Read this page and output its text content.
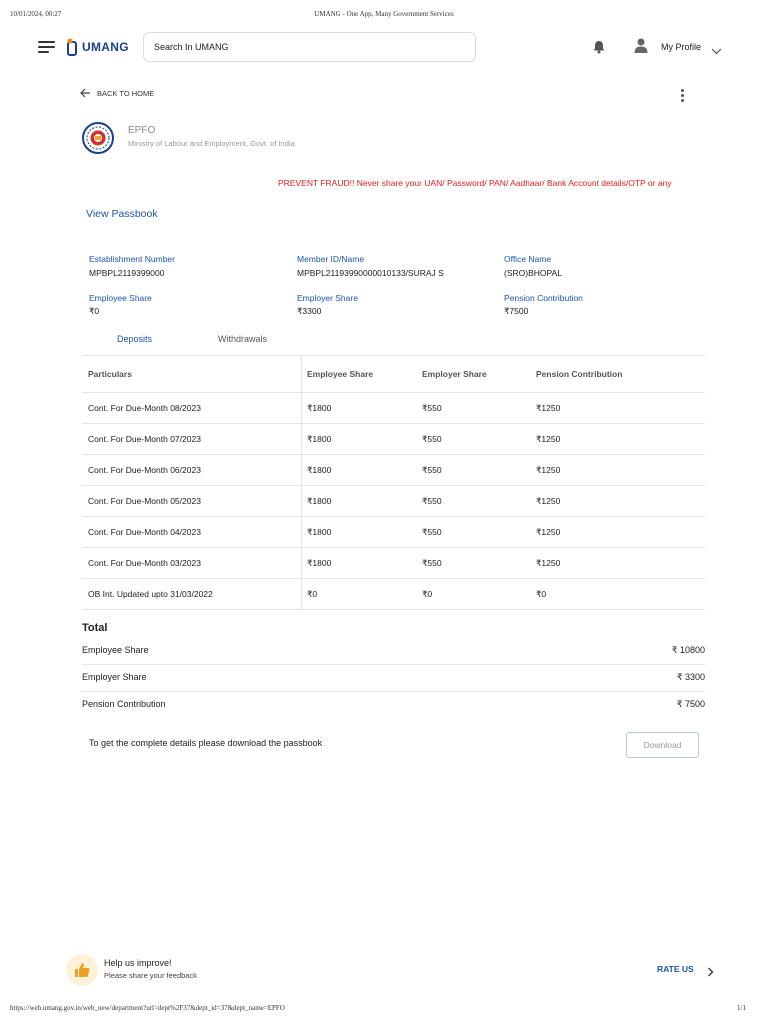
UMANG - One App, Many Government Services
10/01/2024, 00:27
UMANG	Search In UMANG	My Profile
BACK TO HOME
EPFO
Ministry of Labour and Employment, Govt. of India
PREVENT FRAUD!! Never share your UAN/ Password/ PAN/ Aadhaar/ Bank Account details/OTP or any
View Passbook
Establishment Number
MPBPL2119399000
Member ID/Name
MPBPL21193990000010133/SURAJ S
Office Name
(SRO)BHOPAL
Employee Share
₹0
Employer Share
₹3300
Pension Contribution
₹7500
Deposits	Withdrawals
Particulars	Employee Share	Employer Share	Pension Contribution
Cont. For Due-Month 08/2023	₹1800	₹550	₹1250
Cont. For Due-Month 07/2023	₹1800	₹550	₹1250
Cont. For Due-Month 06/2023	₹1800	₹550	₹1250
Cont. For Due-Month 05/2023	₹1800	₹550	₹1250
Cont. For Due-Month 04/2023	₹1800	₹550	₹1250
Cont. For Due-Month 03/2023	₹1800	₹550	₹1250
OB Int. Updated upto 31/03/2022	₹0	₹0	₹0
Total
Employee Share	₹ 10800
Employer Share	₹ 3300
Pension Contribution	₹ 7500
To get the complete details please download the passbook	Download
Help us improve!
Please share your feedback
RATE US
https://web.umang.gov.in/web_new/department?url=dept%2F37&dept_id=37&dept_name=EPFO	1/1
